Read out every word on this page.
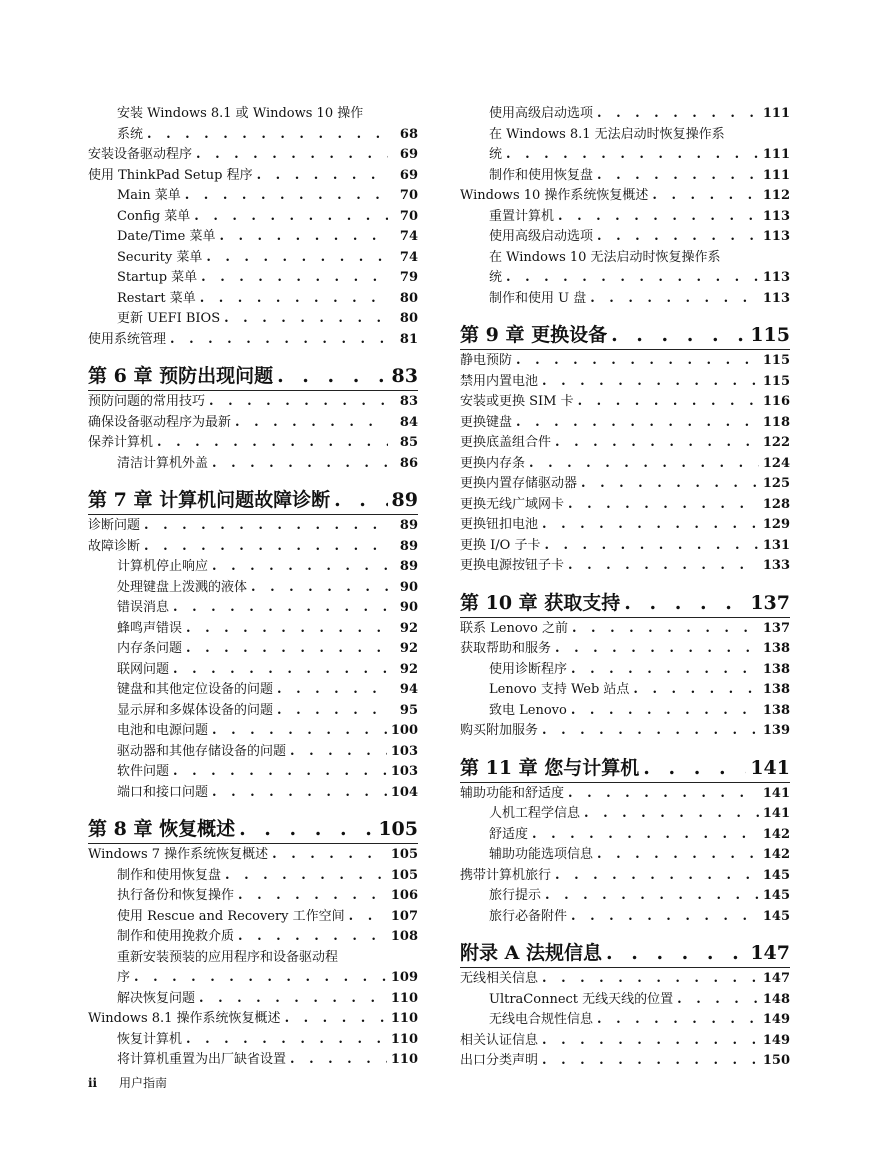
安装 Windows 8.1 或 Windows 10 操作
系统 . . .	68
安装设备驱动程序 . . .	69
使用 ThinkPad Setup 程序 . . .	69
Main 菜单 . . .	70
Config 菜单 . . .	70
Date/Time 菜单 . . .	74
Security 菜单 . . .	74
Startup 菜单 . . .	79
Restart 菜单 . . .	80
更新 UEFI BIOS . . .	80
使用系统管理 . . .	81
第 6 章 预防出现问题 . . .	83
预防问题的常用技巧 . . .	83
确保设备驱动程序为最新 . . .	84
保养计算机 . . .	85
清洁计算机外盖 . . .	86
第 7 章 计算机问题故障诊断 . . .	89
诊断问题 . . .	89
故障诊断 . . .	89
计算机停止响应 . . .	89
处理键盘上泼溅的液体 . . .	90
错误消息 . . .	90
蜂鸣声错误 . . .	92
内存条问题 . . .	92
联网问题 . . .	92
键盘和其他定位设备的问题 . . .	94
显示屏和多媒体设备的问题 . . .	95
电池和电源问题 . . .	100
驱动器和其他存储设备的问题 . . .	103
软件问题 . . .	103
端口和接口问题 . . .	104
第 8 章 恢复概述 . . .	105
Windows 7 操作系统恢复概述 . . .	105
制作和使用恢复盘 . . .	105
执行备份和恢复操作 . . .	106
使用 Rescue and Recovery 工作空间 . . .	107
制作和使用挽救介质 . . .	108
重新安装预装的应用程序和设备驱动程
序 . . .	109
解决恢复问题 . . .	110
Windows 8.1 操作系统恢复概述 . . .	110
恢复计算机 . . .	110
将计算机重置为出厂缺省设置 . . .	110
使用高级启动选项 . . .	111
在 Windows 8.1 无法启动时恢复操作系
统 . . .	111
制作和使用恢复盘 . . .	111
Windows 10 操作系统恢复概述 . . .	112
重置计算机 . . .	113
使用高级启动选项 . . .	113
在 Windows 10 无法启动时恢复操作系
统 . . .	113
制作和使用 U 盘 . . .	113
第 9 章 更换设备 . . .	115
静电预防 . . .	115
禁用内置电池 . . .	115
安装或更换 SIM 卡 . . .	116
更换键盘 . . .	118
更换底盖组合件 . . .	122
更换内存条 . . .	124
更换内置存储驱动器 . . .	125
更换无线广域网卡 . . .	128
更换钮扣电池 . . .	129
更换 I/O 子卡 . . .	131
更换电源按钮子卡 . . .	133
第 10 章 获取支持 . . .	137
联系 Lenovo 之前 . . .	137
获取帮助和服务 . . .	138
使用诊断程序 . . .	138
Lenovo 支持 Web 站点 . . .	138
致电 Lenovo . . .	138
购买附加服务 . . .	139
第 11 章 您与计算机 . . .	141
辅助功能和舒适度 . . .	141
人机工程学信息 . . .	141
舒适度 . . .	142
辅助功能选项信息 . . .	142
携带计算机旅行 . . .	145
旅行提示 . . .	145
旅行必备附件 . . .	145
附录 A 法规信息 . . .	147
无线相关信息 . . .	147
UltraConnect 无线天线的位置 . . .	148
无线电合规性信息 . . .	149
相关认证信息 . . .	149
出口分类声明 . . .	150
ii 用户指南
